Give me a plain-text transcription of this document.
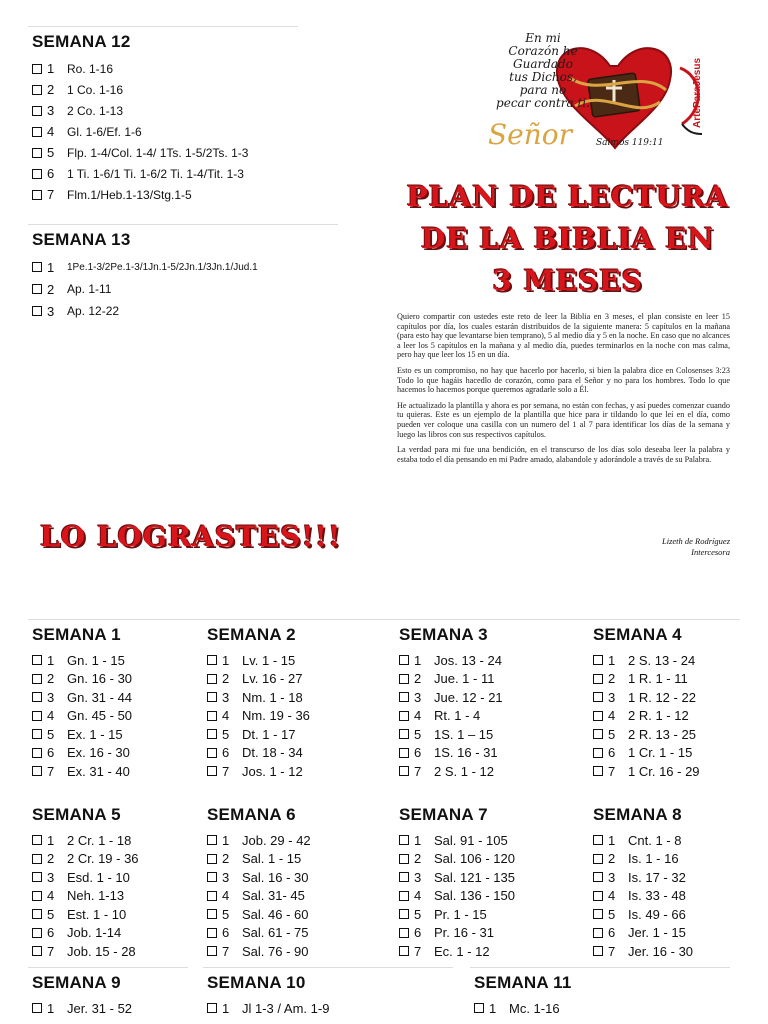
SEMANA 12
1	Ro. 1-16
2	1 Co. 1-16
3	2 Co. 1-13
4	Gl. 1-6/Ef. 1-6
5	Flp. 1-4/Col. 1-4/ 1Ts. 1-5/2Ts. 1-3
6	1 Ti. 1-6/1 Ti. 1-6/2 Ti. 1-4/Tit. 1-3
7	Flm.1/Heb.1-13/Stg.1-5
SEMANA 13
1	1Pe.1-3/2Pe.1-3/1Jn.1-5/2Jn.1/3Jn.1/Jud.1
2	Ap. 1-11
3	Ap. 12-22
En mi
Corazón he
Guardado
tus Dichos,
para no
pecar contra ti.
Señor	Salmos 119:11
ArteParaJesus
PLAN DE LECTURA
DE LA BIBLIA EN
3 MESES

Quiero compartir con ustedes este reto de leer la Biblia en 3 meses, el plan consiste en leer 15 capítulos por día, los cuales estarán distribuidos de la siguiente manera: 5 capítulos en la mañana (para esto hay que levantarse bien temprano), 5 al medio día y 5 en la noche. En caso que no alcances a leer los 5 capítulos en la mañana y al medio día, puedes terminarlos en la noche con mas calma, pero hay que leer los 15 en un día.

Esto es un compromiso, no hay que hacerlo por hacerlo, si bien la palabra dice en Colosenses 3:23 Todo lo que hagáis hacedlo de corazón, como para el Señor y no para los hombres. Todo lo que hacemos lo hacemos porque queremos agradarle solo a Él.

He actualizado la plantilla y ahora es por semana, no están con fechas, y así puedes comenzar cuando tu quieras. Este es un ejemplo de la plantilla que hice para ir tildando lo que leí en el día, como pueden ver coloque una casilla con un numero del 1 al 7 para identificar los días de la semana y luego las libros con sus respectivos capítulos.

La verdad para mi fue una bendición, en el transcurso de los días solo deseaba leer la palabra y estaba todo el día pensando en mi Padre amado, alabandole y adorándole a través de su Palabra.

Lizeth de Rodríguez
Intercesora
LO LOGRASTES!!!
SEMANA 1
1 Gn. 1 - 15
2 Gn. 16 - 30
3 Gn. 31 - 44
4 Gn. 45 - 50
5 Ex. 1 - 15
6 Ex. 16 - 30
7 Ex. 31 - 40
SEMANA 2
1 Lv. 1 - 15
2 Lv. 16 - 27
3 Nm. 1 - 18
4 Nm. 19 - 36
5 Dt. 1 - 17
6 Dt. 18 - 34
7 Jos. 1 - 12
SEMANA 3
1 Jos. 13 - 24
2 Jue. 1 - 11
3 Jue. 12 - 21
4 Rt. 1 - 4
5 1S. 1 – 15
6 1S. 16 - 31
7 2 S. 1 - 12
SEMANA 4
1 2 S. 13 - 24
2 1 R. 1 - 11
3 1 R. 12 - 22
4 2 R. 1 - 12
5 2 R. 13 - 25
6 1 Cr. 1 - 15
7 1 Cr. 16 - 29
SEMANA 5
1 2 Cr. 1 - 18
2 2 Cr. 19 - 36
3 Esd. 1 - 10
4 Neh. 1-13
5 Est. 1 - 10
6 Job. 1-14
7 Job. 15 - 28
SEMANA 6
1 Job. 29 - 42
2 Sal. 1 - 15
3 Sal. 16 - 30
4 Sal. 31- 45
5 Sal. 46 - 60
6 Sal. 61 - 75
7 Sal. 76 - 90
SEMANA 7
1 Sal. 91 - 105
2 Sal. 106 - 120
3 Sal. 121 - 135
4 Sal. 136 - 150
5 Pr. 1 - 15
6 Pr. 16 - 31
7 Ec. 1 - 12
SEMANA 8
1 Cnt. 1 - 8
2 Is. 1 - 16
3 Is. 17 - 32
4 Is. 33 - 48
5 Is. 49 - 66
6 Jer. 1 - 15
7 Jer. 16 - 30
SEMANA 9
1 Jer. 31 - 52
SEMANA 10
1 Jl 1-3 / Am. 1-9
SEMANA 11
1 Mc. 1-16
